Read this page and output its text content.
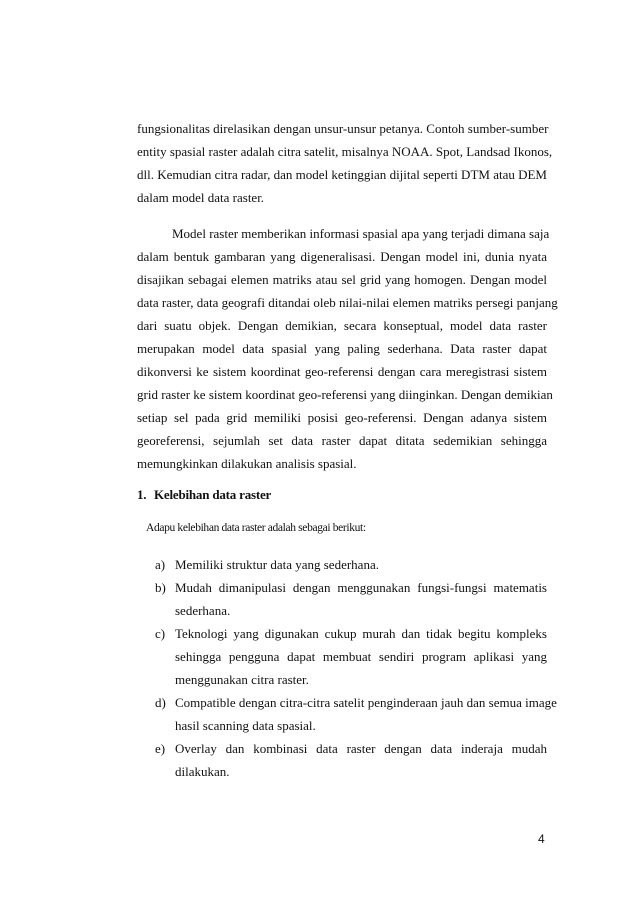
fungsionalitas direlasikan dengan unsur-unsur petanya. Contoh sumber-sumber
entity spasial raster adalah citra satelit, misalnya NOAA. Spot, Landsad Ikonos,
dll. Kemudian citra radar, dan model ketinggian dijital seperti DTM atau DEM
dalam model data raster.
Model raster memberikan informasi spasial apa yang terjadi dimana saja
dalam bentuk gambaran yang digeneralisasi. Dengan model ini, dunia nyata
disajikan sebagai elemen matriks atau sel grid yang homogen. Dengan model
data raster, data geografi ditandai oleb nilai-nilai elemen matriks persegi panjang
dari suatu objek. Dengan demikian, secara konseptual, model data raster
merupakan model data spasial yang paling sederhana. Data raster dapat
dikonversi ke sistem koordinat geo-referensi dengan cara meregistrasi sistem
grid raster ke sistem koordinat geo-referensi yang diinginkan. Dengan demikian
setiap sel pada grid memiliki posisi geo-referensi. Dengan adanya sistem
georeferensi, sejumlah set data raster dapat ditata sedemikian sehingga
memungkinkan dilakukan analisis spasial.
1. Kelebihan data raster
Adapu kelebihan data raster adalah sebagai berikut:
a) Memiliki struktur data yang sederhana.
b) Mudah dimanipulasi dengan menggunakan fungsi-fungsi matematis
sederhana.
c) Teknologi yang digunakan cukup murah dan tidak begitu kompleks
sehingga pengguna dapat membuat sendiri program aplikasi yang
menggunakan citra raster.
d) Compatible dengan citra-citra satelit penginderaan jauh dan semua image
hasil scanning data spasial.
e) Overlay dan kombinasi data raster dengan data inderaja mudah
dilakukan.
4
